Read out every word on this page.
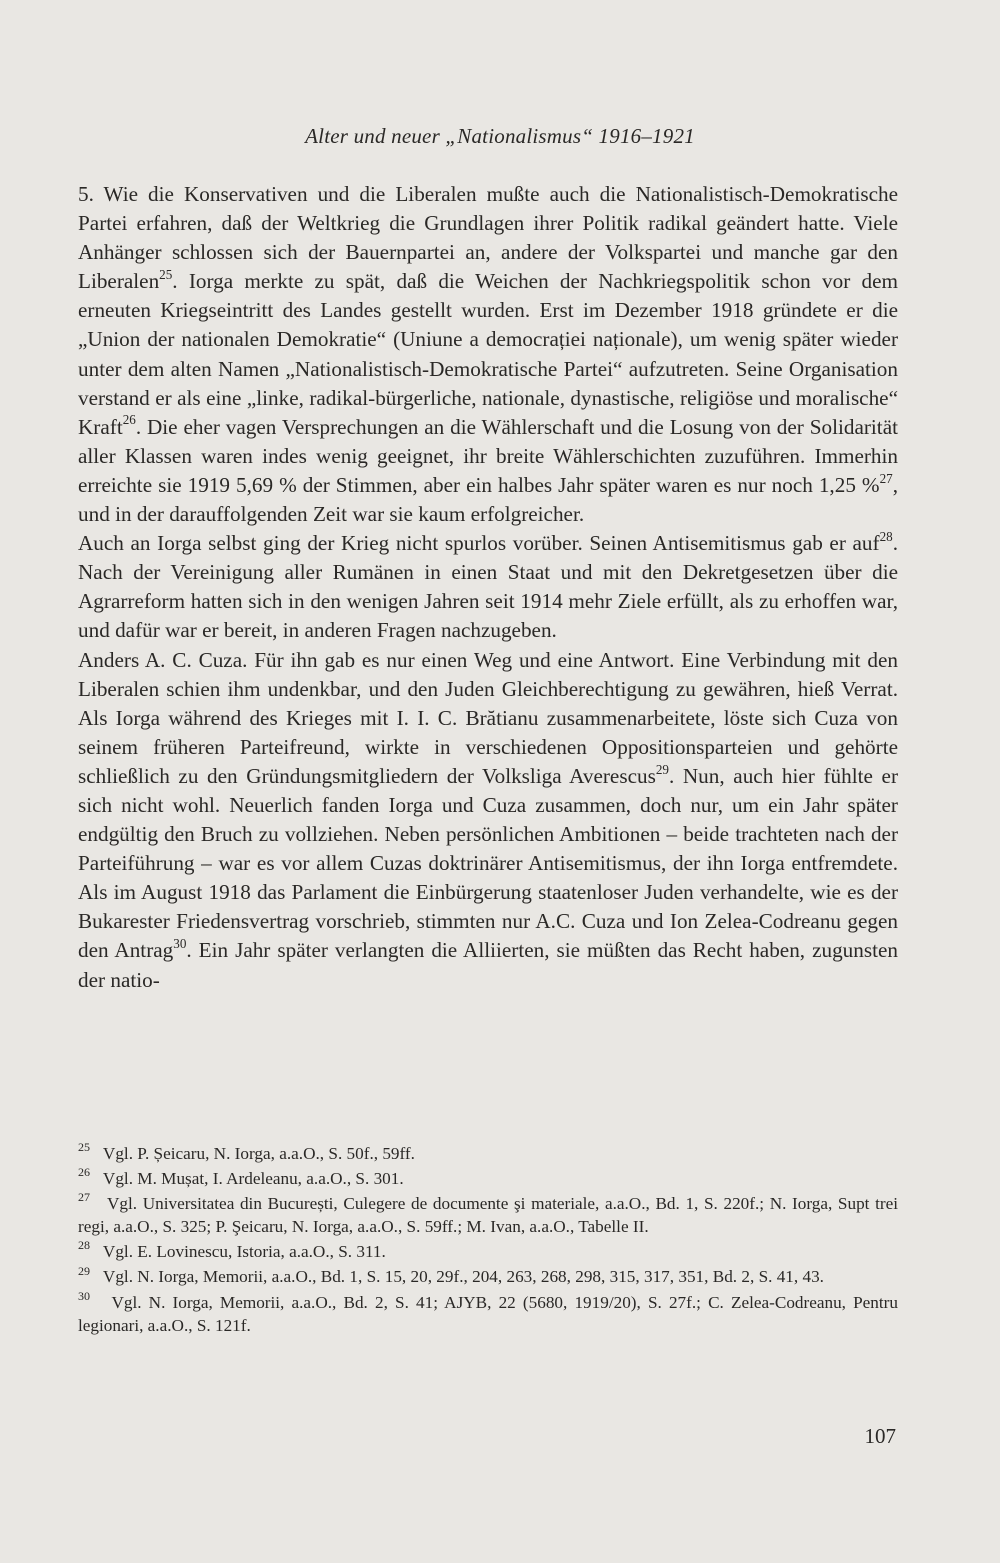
Alter und neuer „Nationalismus“ 1916–1921

5. Wie die Konservativen und die Liberalen mußte auch die Nationalistisch-Demokratische Partei erfahren, daß der Weltkrieg die Grundlagen ihrer Politik radikal geändert hatte. Viele Anhänger schlossen sich der Bauernpartei an, andere der Volkspartei und manche gar den Liberalen$^{25}$. Iorga merkte zu spät, daß die Weichen der Nachkriegspolitik schon vor dem erneuten Kriegseintritt des Landes gestellt wurden. Erst im Dezember 1918 gründete er die „Union der nationalen Demokratie“ (Uniune a democrației naționale), um wenig später wieder unter dem alten Namen „Nationalistisch-Demokratische Partei“ aufzutreten. Seine Organisation verstand er als eine „linke, radikal-bürgerliche, nationale, dynastische, religiöse und moralische“ Kraft$^{26}$. Die eher vagen Versprechungen an die Wählerschaft und die Losung von der Solidarität aller Klassen waren indes wenig geeignet, ihr breite Wählerschichten zuzuführen. Immerhin erreichte sie 1919 5,69 % der Stimmen, aber ein halbes Jahr später waren es nur noch 1,25 %$^{27}$, und in der darauffolgenden Zeit war sie kaum erfolgreicher.

Auch an Iorga selbst ging der Krieg nicht spurlos vorüber. Seinen Antisemitismus gab er auf$^{28}$. Nach der Vereinigung aller Rumänen in einen Staat und mit den Dekretgesetzen über die Agrarreform hatten sich in den wenigen Jahren seit 1914 mehr Ziele erfüllt, als zu erhoffen war, und dafür war er bereit, in anderen Fragen nachzugeben.

Anders A. C. Cuza. Für ihn gab es nur einen Weg und eine Antwort. Eine Verbindung mit den Liberalen schien ihm undenkbar, und den Juden Gleichberechtigung zu gewähren, hieß Verrat. Als Iorga während des Krieges mit I. I. C. Brătianu zusammenarbeitete, löste sich Cuza von seinem früheren Parteifreund, wirkte in verschiedenen Oppositionsparteien und gehörte schließlich zu den Gründungsmitgliedern der Volksliga Averescus$^{29}$. Nun, auch hier fühlte er sich nicht wohl. Neuerlich fanden Iorga und Cuza zusammen, doch nur, um ein Jahr später endgültig den Bruch zu vollziehen. Neben persönlichen Ambitionen – beide trachteten nach der Parteiführung – war es vor allem Cuzas doktrinärer Antisemitismus, der ihn Iorga entfremdete. Als im August 1918 das Parlament die Einbürgerung staatenloser Juden verhandelte, wie es der Bukarester Friedensvertrag vorschrieb, stimmten nur A.C. Cuza und Ion Zelea-Codreanu gegen den Antrag$^{30}$. Ein Jahr später verlangten die Alliierten, sie müßten das Recht haben, zugunsten der natio-

$^{25}$ Vgl. P. Șeicaru, N. Iorga, a.a.O., S. 50f., 59ff.

$^{26}$ Vgl. M. Mușat, I. Ardeleanu, a.a.O., S. 301.

$^{27}$ Vgl. Universitatea din București, Culegere de documente şi materiale, a.a.O., Bd. 1, S. 220f.; N. Iorga, Supt trei regi, a.a.O., S. 325; P. Şeicaru, N. Iorga, a.a.O., S. 59ff.; M. Ivan, a.a.O., Tabelle II.

$^{28}$ Vgl. E. Lovinescu, Istoria, a.a.O., S. 311.

$^{29}$ Vgl. N. Iorga, Memorii, a.a.O., Bd. 1, S. 15, 20, 29f., 204, 263, 268, 298, 315, 317, 351, Bd. 2, S. 41, 43.

$^{30}$ Vgl. N. Iorga, Memorii, a.a.O., Bd. 2, S. 41; AJYB, 22 (5680, 1919/20), S. 27f.; C. Zelea-Codreanu, Pentru legionari, a.a.O., S. 121f.

107
